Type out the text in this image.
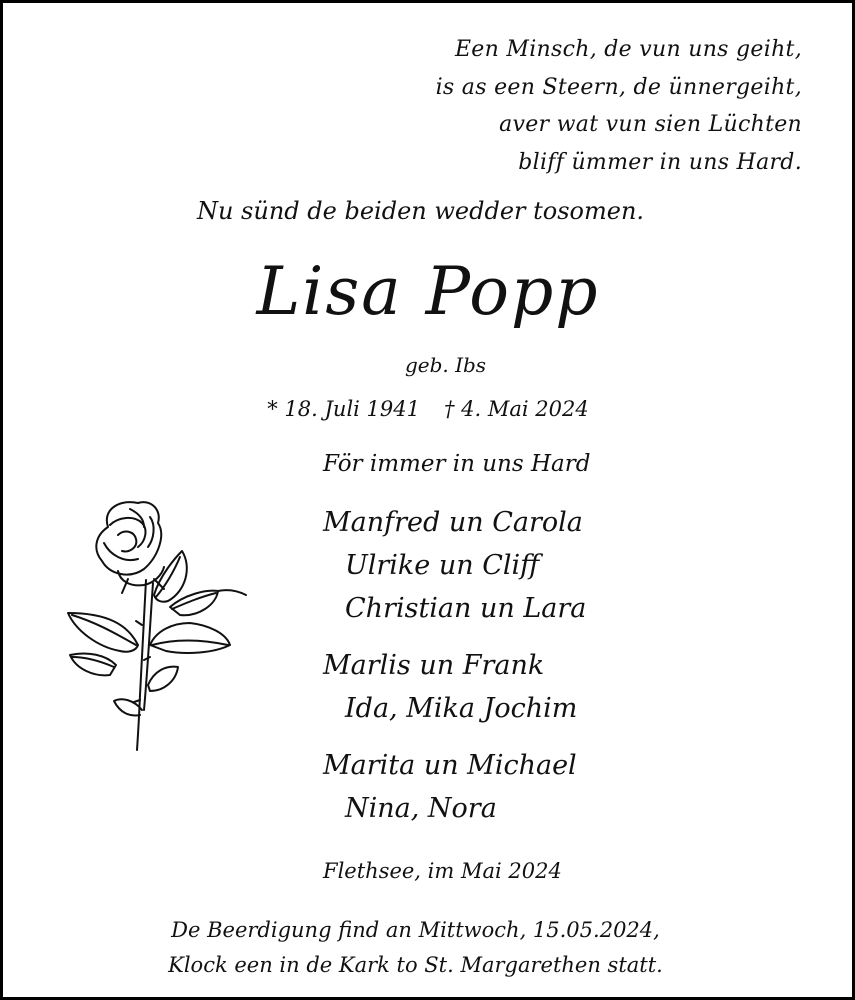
Een Minsch, de vun uns geiht,
is as een Steern, de ünnergeiht,
aver wat vun sien Lüchten
bliff ümmer in uns Hard.
Nu sünd de beiden wedder tosomen.
Lisa Popp
geb. Ibs
* 18. Juli 1941 † 4. Mai 2024
För immer in uns Hard
Manfred un Carola
Ulrike un Cliff
Christian un Lara
Marlis un Frank
Ida, Mika Jochim
Marita un Michael
Nina, Nora
Flethsee, im Mai 2024
De Beerdigung find an Mittwoch, 15.05.2024,
Klock een in de Kark to St. Margarethen statt.
